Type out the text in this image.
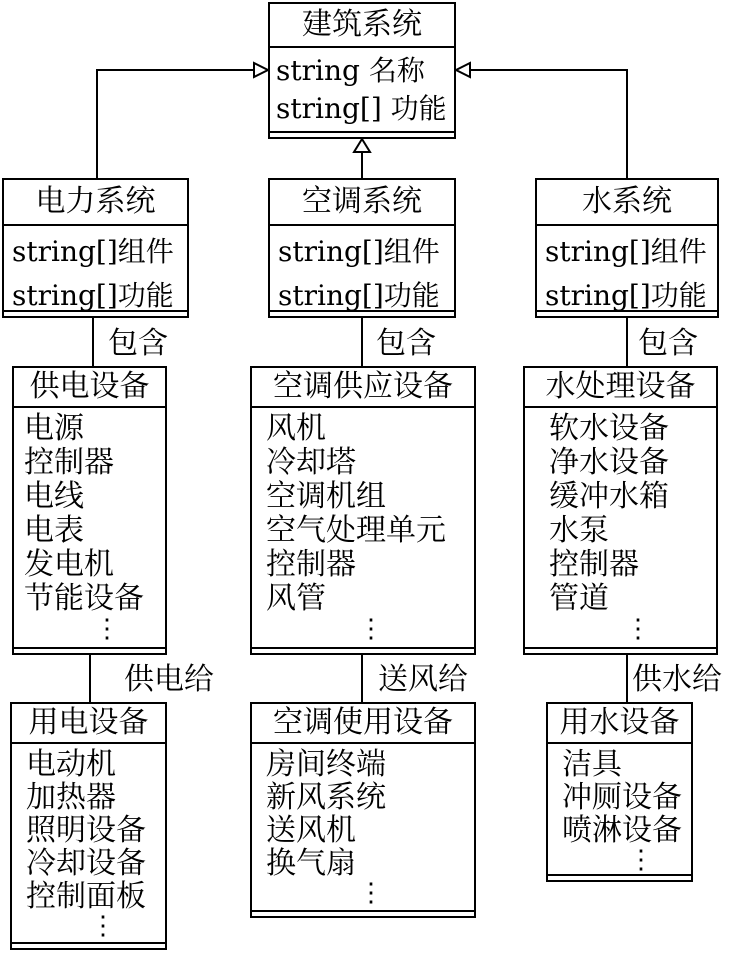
建筑系统
string 名称
string[] 功能
电力系统
string[]组件
string[]功能
空调系统
string[]组件
string[]功能
水系统
string[]组件
string[]功能
包含	包含	包含
供电设备
电源
控制器
电线
电表
发电机
节能设备
⋮
空调供应设备
风机
冷却塔
空调机组
空气处理单元
控制器
风管
⋮
水处理设备
软水设备
净水设备
缓冲水箱
水泵
控制器
管道
⋮
供电给	送风给	供水给
用电设备
电动机
加热器
照明设备
冷却设备
控制面板
⋮
空调使用设备
房间终端
新风系统
送风机
换气扇
⋮
用水设备
洁具
冲厕设备
喷淋设备
⋮
